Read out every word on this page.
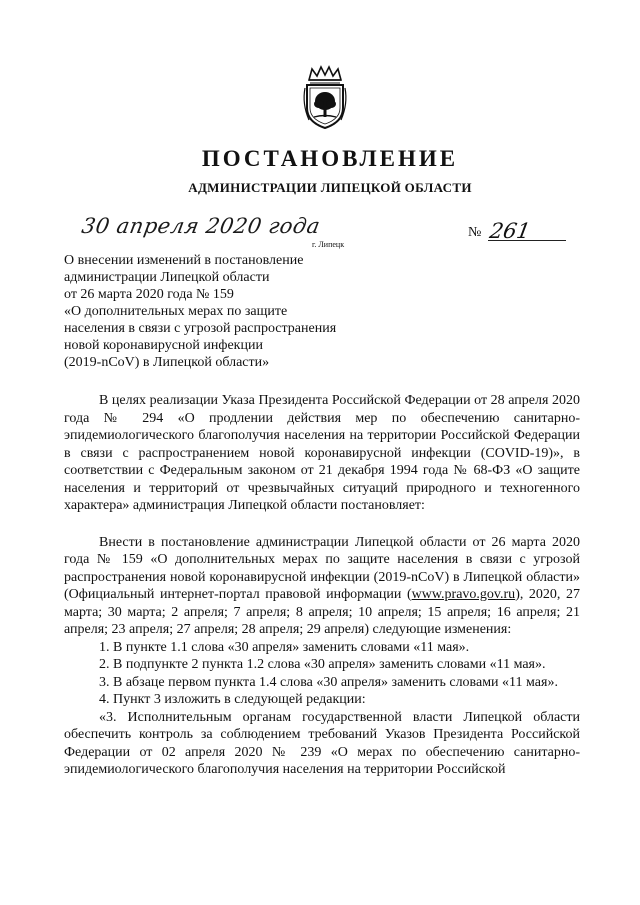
ПОСТАНОВЛЕНИЕ
АДМИНИСТРАЦИИ ЛИПЕЦКОЙ ОБЛАСТИ
30 апреля 2020 года
г. Липецк
№ 261
О внесении изменений в постановление
администрации Липецкой области
от 26 марта 2020 года № 159
«О дополнительных мерах по защите
населения в связи с угрозой распространения
новой коронавирусной инфекции
(2019-nCoV) в Липецкой области»

В целях реализации Указа Президента Российской Федерации от 28 апреля 2020 года № 294 «О продлении действия мер по обеспечению санитарно-эпидемиологического благополучия населения на территории Российской Федерации в связи с распространением новой коронавирусной инфекции (COVID-19)», в соответствии с Федеральным законом от 21 декабря 1994 года № 68-ФЗ «О защите населения и территорий от чрезвычайных ситуаций природного и техногенного характера» администрация Липецкой области постановляет:

Внести в постановление администрации Липецкой области от 26 марта 2020 года № 159 «О дополнительных мерах по защите населения в связи с угрозой распространения новой коронавирусной инфекции (2019-nCoV) в Липецкой области» (Официальный интернет-портал правовой информации (www.pravo.gov.ru), 2020, 27 марта; 30 марта; 2 апреля; 7 апреля; 8 апреля; 10 апреля; 15 апреля; 16 апреля; 21 апреля; 23 апреля; 27 апреля; 28 апреля; 29 апреля) следующие изменения:

1. В пункте 1.1 слова «30 апреля» заменить словами «11 мая».

2. В подпункте 2 пункта 1.2 слова «30 апреля» заменить словами «11 мая».

3. В абзаце первом пункта 1.4 слова «30 апреля» заменить словами «11 мая».

4. Пункт 3 изложить в следующей редакции:

«3. Исполнительным органам государственной власти Липецкой области обеспечить контроль за соблюдением требований Указов Президента Российской Федерации от 02 апреля 2020 № 239 «О мерах по обеспечению санитарно-эпидемиологического благополучия населения на территории Российской
